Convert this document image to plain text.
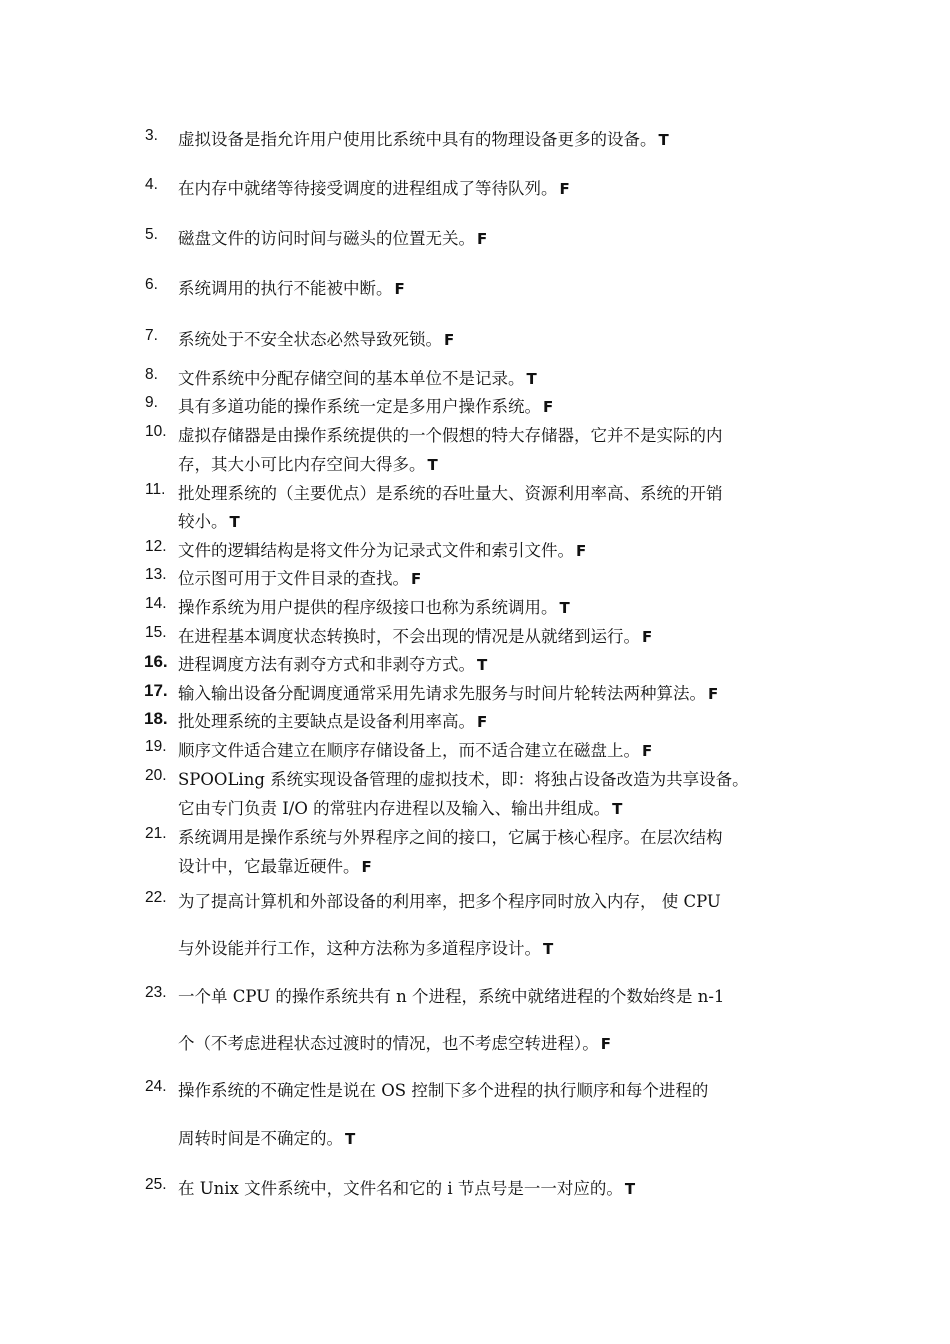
3.	虚拟设备是指允许用户使用比系统中具有的物理设备更多的设备。 T
4.	在内存中就绪等待接受调度的进程组成了等待队列。 F
5.	磁盘文件的访问时间与磁头的位置无关。 F
6.	系统调用的执行不能被中断。 F
7.	系统处于不安全状态必然导致死锁。 F
8.	文件系统中分配存储空间的基本单位不是记录。 T
9.	具有多道功能的操作系统一定是多用户操作系统。 F
10. 虚拟存储器是由操作系统提供的一个假想的特大存储器，它并不是实际的内
存，其大小可比内存空间大得多。 T
11. 批处理系统的（主要优点）是系统的吞吐量大、资源利用率高、系统的开销
较小。 T
12. 文件的逻辑结构是将文件分为记录式文件和索引文件。 F
13. 位示图可用于文件目录的查找。 F
14. 操作系统为用户提供的程序级接口也称为系统调用。 T
15. 在进程基本调度状态转换时，不会出现的情况是从就绪到运行。 F
16. 进程调度方法有剥夺方式和非剥夺方式。 T
17. 输入输出设备分配调度通常采用先请求先服务与时间片轮转法两种算法。 F
18. 批处理系统的主要缺点是设备利用率高。 F
19. 顺序文件适合建立在顺序存储设备上，而不适合建立在磁盘上。 F
20. SPOOLing 系统实现设备管理的虚拟技术，即：将独占设备改造为共享设备。
它由专门负责 I/O 的常驻内存进程以及输入、输出井组成。 T
21. 系统调用是操作系统与外界程序之间的接口，它属于核心程序。在层次结构
设计中，它最靠近硬件。 F
22. 为了提高计算机和外部设备的利用率，把多个程序同时放入内存， 使 CPU
与外设能并行工作，这种方法称为多道程序设计。 T
23. 一个单 CPU 的操作系统共有 n 个进程，系统中就绪进程的个数始终是 n-1
个（不考虑进程状态过渡时的情况，也不考虑空转进程）。 F
24. 操作系统的不确定性是说在 OS 控制下多个进程的执行顺序和每个进程的
周转时间是不确定的。 T
25. 在 Unix 文件系统中，文件名和它的 i 节点号是一一对应的。 T
